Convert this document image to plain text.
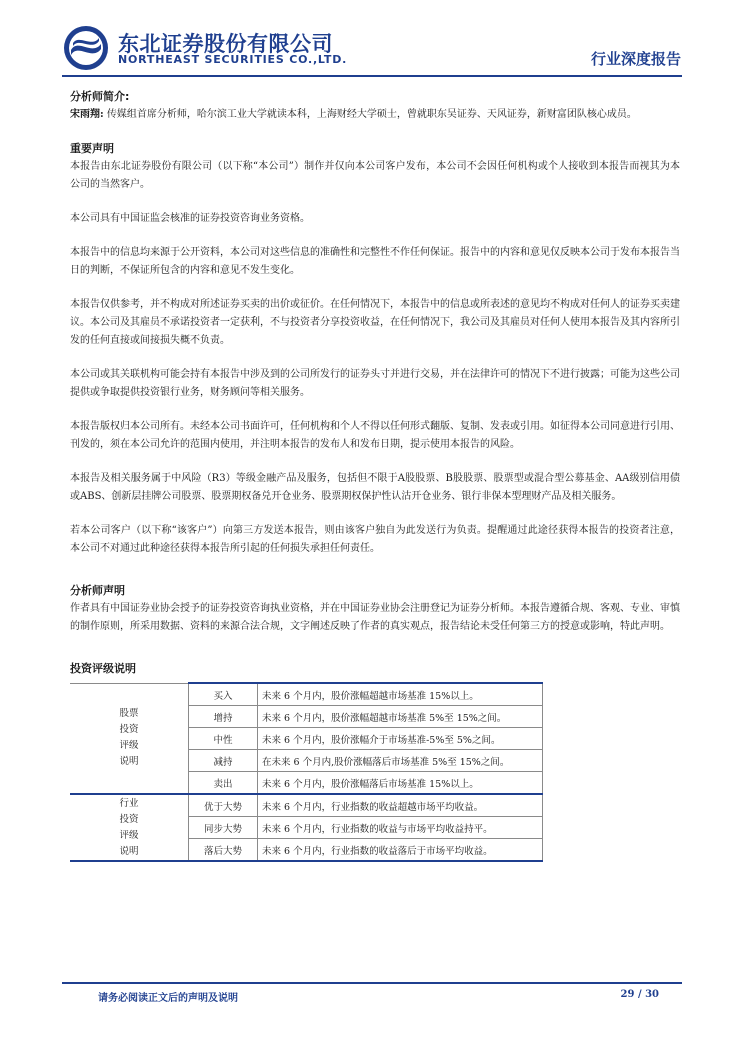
东北证券股份有限公司
NORTHEAST SECURITIES CO.,LTD.	行业深度报告

分析师简介:

宋雨翔: 传媒组首席分析师，哈尔滨工业大学就读本科，上海财经大学硕士，曾就职东吴证券、天风证券，新财富团队核心成员。

重要声明

本报告由东北证券股份有限公司（以下称“本公司”）制作并仅向本公司客户发布，本公司不会因任何机构或个人接收到本报告而视其为本公司的当然客户。

本公司具有中国证监会核准的证券投资咨询业务资格。

本报告中的信息均来源于公开资料，本公司对这些信息的准确性和完整性不作任何保证。报告中的内容和意见仅反映本公司于发布本报告当日的判断，不保证所包含的内容和意见不发生变化。

本报告仅供参考，并不构成对所述证券买卖的出价或征价。在任何情况下，本报告中的信息或所表述的意见均不构成对任何人的证券买卖建议。本公司及其雇员不承诺投资者一定获利，不与投资者分享投资收益，在任何情况下，我公司及其雇员对任何人使用本报告及其内容所引发的任何直接或间接损失概不负责。

本公司或其关联机构可能会持有本报告中涉及到的公司所发行的证券头寸并进行交易，并在法律许可的情况下不进行披露；可能为这些公司提供或争取提供投资银行业务，财务顾问等相关服务。

本报告版权归本公司所有。未经本公司书面许可，任何机构和个人不得以任何形式翻版、复制、发表或引用。如征得本公司同意进行引用、刊发的，须在本公司允许的范围内使用，并注明本报告的发布人和发布日期，提示使用本报告的风险。

本报告及相关服务属于中风险（R3）等级金融产品及服务，包括但不限于A股股票、B股股票、股票型或混合型公募基金、AA级别信用债或ABS、创新层挂牌公司股票、股票期权备兑开仓业务、股票期权保护性认沽开仓业务、银行非保本型理财产品及相关服务。

若本公司客户（以下称“该客户”）向第三方发送本报告，则由该客户独自为此发送行为负责。提醒通过此途径获得本报告的投资者注意，本公司不对通过此种途径获得本报告所引起的任何损失承担任何责任。

分析师声明

作者具有中国证券业协会授予的证券投资咨询执业资格，并在中国证券业协会注册登记为证券分析师。本报告遵循合规、客观、专业、审慎的制作原则，所采用数据、资料的来源合法合规，文字阐述反映了作者的真实观点，报告结论未受任何第三方的授意或影响，特此声明。

投资评级说明

股票
投资
评级
说明	买入	未来 6 个月内，股价涨幅超越市场基准 15%以上。
	增持	未来 6 个月内，股价涨幅超越市场基准 5%至 15%之间。
	中性	未来 6 个月内，股价涨幅介于市场基准-5%至 5%之间。
	减持	在未来 6 个月内,股价涨幅落后市场基准 5%至 15%之间。
	卖出	未来 6 个月内，股价涨幅落后市场基准 15%以上。
行业
投资
评级
说明	优于大势	未来 6 个月内，行业指数的收益超越市场平均收益。
	同步大势	未来 6 个月内，行业指数的收益与市场平均收益持平。
	落后大势	未来 6 个月内，行业指数的收益落后于市场平均收益。
请务必阅读正文后的声明及说明	29 / 30
